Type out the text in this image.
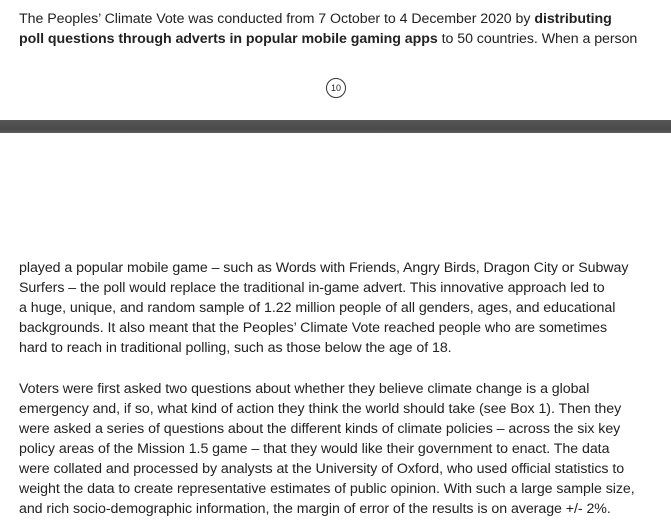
The Peoples’ Climate Vote was conducted from 7 October to 4 December 2020 by distributing
poll questions through adverts in popular mobile gaming apps to 50 countries. When a person

10

played a popular mobile game – such as Words with Friends, Angry Birds, Dragon City or Subway
Surfers – the poll would replace the traditional in-game advert. This innovative approach led to
a huge, unique, and random sample of 1.22 million people of all genders, ages, and educational
backgrounds. It also meant that the Peoples’ Climate Vote reached people who are sometimes
hard to reach in traditional polling, such as those below the age of 18.

Voters were first asked two questions about whether they believe climate change is a global
emergency and, if so, what kind of action they think the world should take (see Box 1). Then they
were asked a series of questions about the different kinds of climate policies – across the six key
policy areas of the Mission 1.5 game – that they would like their government to enact. The data
were collated and processed by analysts at the University of Oxford, who used official statistics to
weight the data to create representative estimates of public opinion. With such a large sample size,
and rich socio-demographic information, the margin of error of the results is on average +/- 2%.
